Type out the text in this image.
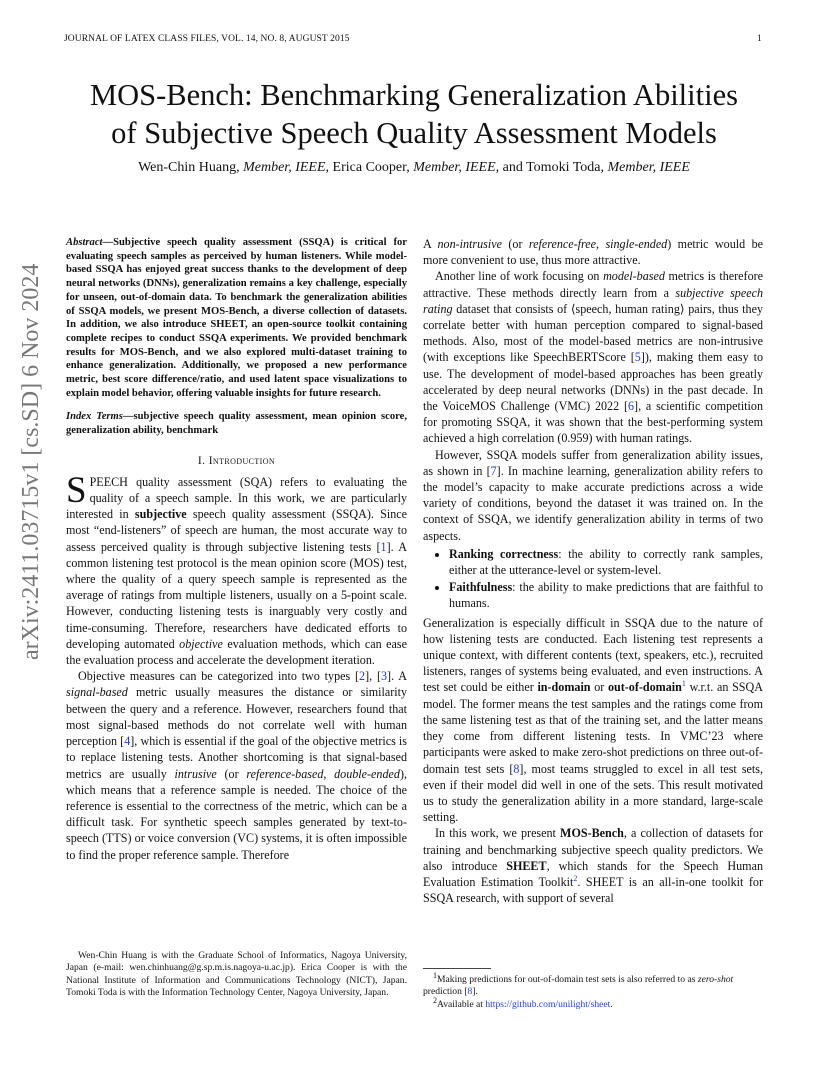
JOURNAL OF LATEX CLASS FILES, VOL. 14, NO. 8, AUGUST 2015	1
arXiv:2411.03715v1 [cs.SD] 6 Nov 2024
MOS-Bench: Benchmarking Generalization Abilities
of Subjective Speech Quality Assessment Models
Wen-Chin Huang, Member, IEEE, Erica Cooper, Member, IEEE, and Tomoki Toda, Member, IEEE

Abstract—Subjective speech quality assessment (SSQA) is critical for evaluating speech samples as perceived by human listeners. While model-based SSQA has enjoyed great success thanks to the development of deep neural networks (DNNs), generalization remains a key challenge, especially for unseen, out-of-domain data. To benchmark the generalization abilities of SSQA models, we present MOS-Bench, a diverse collection of datasets. In addition, we also introduce SHEET, an open-source toolkit containing complete recipes to conduct SSQA experiments. We provided benchmark results for MOS-Bench, and we also explored multi-dataset training to enhance generalization. Additionally, we proposed a new performance metric, best score difference/ratio, and used latent space visualizations to explain model behavior, offering valuable insights for future research.

Index Terms—subjective speech quality assessment, mean opinion score, generalization ability, benchmark

I. Introduction

SPEECH quality assessment (SQA) refers to evaluating the quality of a speech sample. In this work, we are particularly interested in subjective speech quality assessment (SSQA). Since most “end-listeners” of speech are human, the most accurate way to assess perceived quality is through subjective listening tests [1]. A common listening test protocol is the mean opinion score (MOS) test, where the quality of a query speech sample is represented as the average of ratings from multiple listeners, usually on a 5-point scale. However, conducting listening tests is inarguably very costly and time-consuming. Therefore, researchers have dedicated efforts to developing automated objective evaluation methods, which can ease the evaluation process and accelerate the development iteration.

Objective measures can be categorized into two types [2], [3]. A signal-based metric usually measures the distance or similarity between the query and a reference. However, researchers found that most signal-based methods do not correlate well with human perception [4], which is essential if the goal of the objective metrics is to replace listening tests. Another shortcoming is that signal-based metrics are usually intrusive (or reference-based, double-ended), which means that a reference sample is needed. The choice of the reference is essential to the correctness of the metric, which can be a difficult task. For synthetic speech samples generated by text-to-speech (TTS) or voice conversion (VC) systems, it is often impossible to find the proper reference sample. Therefore

A non-intrusive (or reference-free, single-ended) metric would be more convenient to use, thus more attractive.

Another line of work focusing on model-based metrics is therefore attractive. These methods directly learn from a subjective speech rating dataset that consists of ⟨speech, human rating⟩ pairs, thus they correlate better with human perception compared to signal-based methods. Also, most of the model-based metrics are non-intrusive (with exceptions like SpeechBERTScore [5]), making them easy to use. The development of model-based approaches has been greatly accelerated by deep neural networks (DNNs) in the past decade. In the VoiceMOS Challenge (VMC) 2022 [6], a scientific competition for promoting SSQA, it was shown that the best-performing system achieved a high correlation (0.959) with human ratings.

However, SSQA models suffer from generalization ability issues, as shown in [7]. In machine learning, generalization ability refers to the model’s capacity to make accurate predictions across a wide variety of conditions, beyond the dataset it was trained on. In the context of SSQA, we identify generalization ability in terms of two aspects.

• Ranking correctness: the ability to correctly rank samples, either at the utterance-level or system-level.
• Faithfulness: the ability to make predictions that are faithful to humans.

Generalization is especially difficult in SSQA due to the nature of how listening tests are conducted. Each listening test represents a unique context, with different contents (text, speakers, etc.), recruited listeners, ranges of systems being evaluated, and even instructions. A test set could be either in-domain or out-of-domain$^1$ w.r.t. an SSQA model. The former means the test samples and the ratings come from the same listening test as that of the training set, and the latter means they come from different listening tests. In VMC’23 where participants were asked to make zero-shot predictions on three out-of-domain test sets [8], most teams struggled to excel in all test sets, even if their model did well in one of the sets. This result motivated us to study the generalization ability in a more standard, large-scale setting.

In this work, we present MOS-Bench, a collection of datasets for training and benchmarking subjective speech quality predictors. We also introduce SHEET, which stands for the Speech Human Evaluation Estimation Toolkit$^2$. SHEET is an all-in-one toolkit for SSQA research, with support of several

Wen-Chin Huang is with the Graduate School of Informatics, Nagoya University, Japan (e-mail: wen.chinhuang@g.sp.m.is.nagoya-u.ac.jp). Erica Cooper is with the National Institute of Information and Communications Technology (NICT), Japan. Tomoki Toda is with the Information Technology Center, Nagoya University, Japan.

$^1$Making predictions for out-of-domain test sets is also referred to as zero-shot prediction [8].

$^2$Available at https://github.com/unilight/sheet.
